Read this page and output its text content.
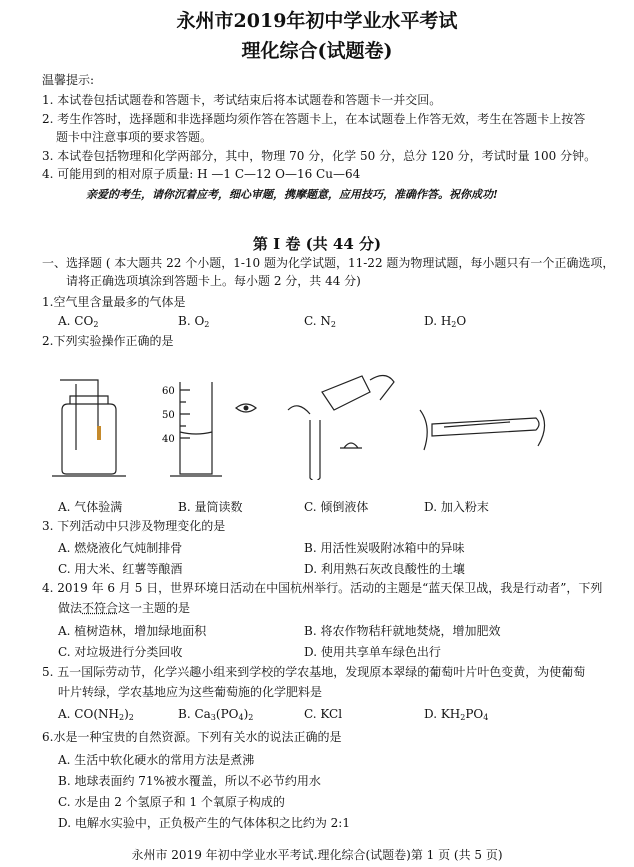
永州市2019年初中学业水平考试
理化综合(试题卷)
温馨提示:
1. 本试卷包括试题卷和答题卡，考试结束后将本试题卷和答题卡一并交回。
2. 考生作答时，选择题和非选择题均须作答在答题卡上，在本试题卷上作答无效，考生在答题卡上按答
题卡中注意事项的要求答题。
3. 本试卷包括物理和化学两部分，其中，物理 70 分，化学 50 分，总分 120 分，考试时量 100 分钟。
4. 可能用到的相对原子质量: H —1 C—12 O—16 Cu—64
亲爱的考生，请你沉着应考，细心审题，携摩题意，应用技巧，准确作答。祝你成功!
第 I 卷 (共 44 分)
一、选择题 ( 本大题共 22 个小题，1-10 题为化学试题，11-22 题为物理试题，每小题只有一个正确选项，
请将正确选项填涂到答题卡上。每小题 2 分，共 44 分)
1.空气里含量最多的气体是
A. $CO_2$	B. $O_2$	C. $N_2$	D. $H_2O$
2.下列实验操作正确的是
60
50
40
A. 气体验满	B. 量筒读数	C. 倾倒液体	D. 加入粉末
3. 下列活动中只涉及物理变化的是
A. 燃烧液化气炖制排骨	B. 用活性炭吸附冰箱中的异味
C. 用大米、红薯等酿酒	D. 利用熟石灰改良酸性的土壤
4. 2019 年 6 月 5 日，世界环境日活动在中国杭州举行。活动的主题是“蓝天保卫战，我是行动者”，下列
做法不符合这一主题的是
A. 植树造林，增加绿地面积	B. 将农作物秸秆就地焚烧，增加肥效
C. 对垃圾进行分类回收	D. 使用共享单车绿色出行
5. 五一国际劳动节，化学兴趣小组来到学校的学农基地，发现原本翠绿的葡萄叶片叶色变黄，为使葡萄
叶片转绿，学农基地应为这些葡萄施的化学肥料是
A. $CO(NH_2)_2$	B. $Ca_3(PO_4)_2$	C. KCl	D. $KH_2PO_4$
6.水是一种宝贵的自然资源。下列有关水的说法正确的是
A. 生活中软化硬水的常用方法是煮沸
B. 地球表面约 71%被水覆盖，所以不必节约用水
C. 水是由 2 个氢原子和 1 个氧原子构成的
D. 电解水实验中，正负极产生的气体体积之比约为 2:1
永州市 2019 年初中学业水平考试.理化综合(试题卷)第 1 页 (共 5 页)
